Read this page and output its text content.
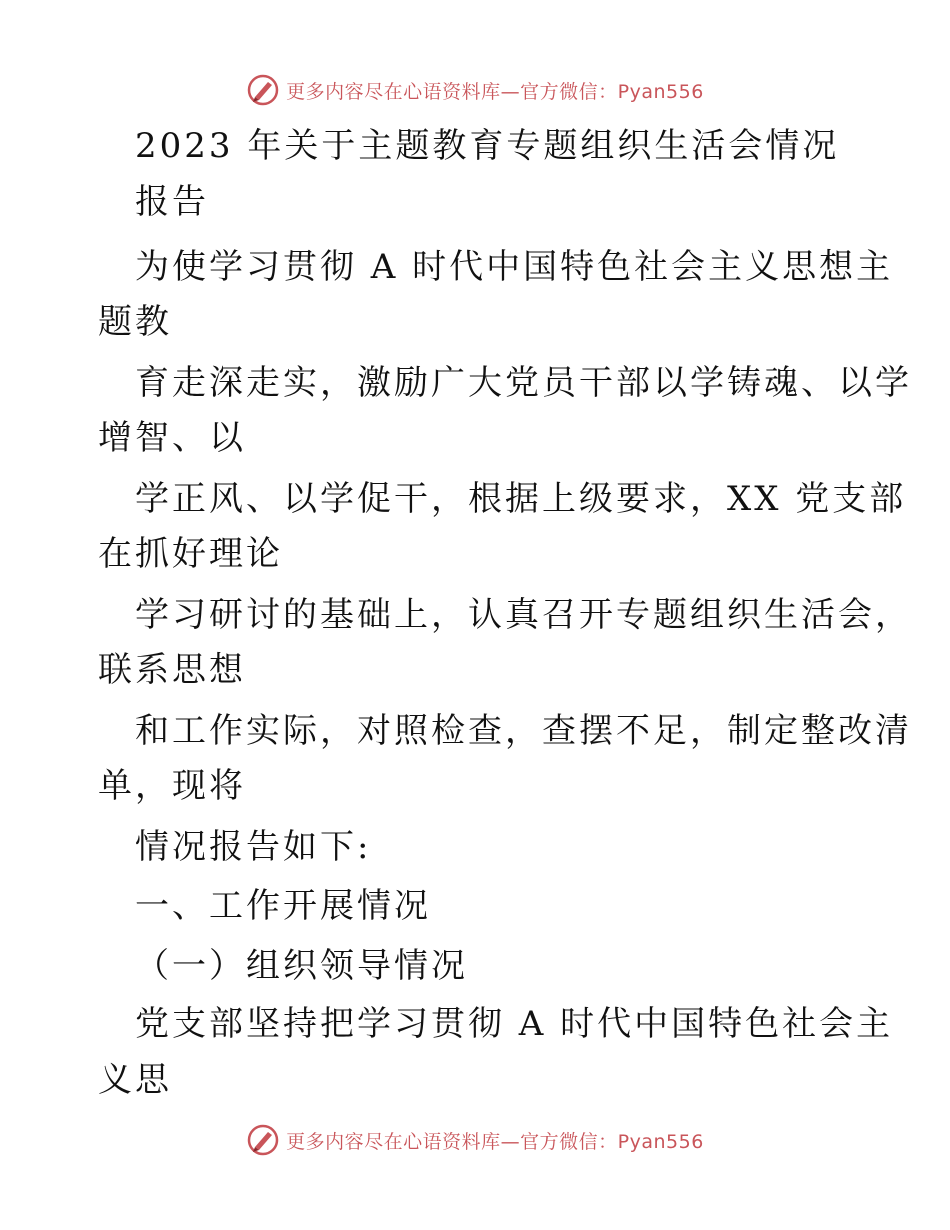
更多内容尽在心语资料库—官方微信：Pyan556
2023 年关于主题教育专题组织生活会情况
报告
为使学习贯彻 A 时代中国特色社会主义思想主
题教
育走深走实，激励广大党员干部以学铸魂、以学
增智、以
学正风、以学促干，根据上级要求，XX 党支部
在抓好理论
学习研讨的基础上，认真召开专题组织生活会，
联系思想
和工作实际，对照检查，查摆不足，制定整改清
单，现将
情况报告如下:
一、工作开展情况
（一）组织领导情况
党支部坚持把学习贯彻 A 时代中国特色社会主
义思
更多内容尽在心语资料库—官方微信：Pyan556
